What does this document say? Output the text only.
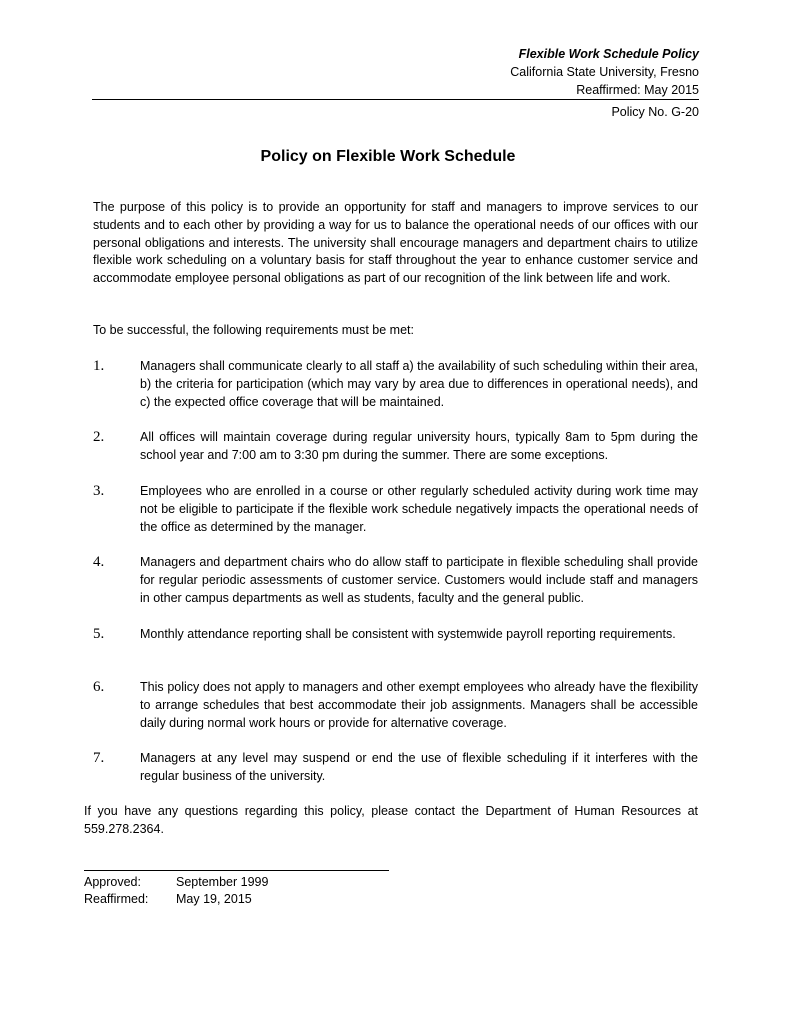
Flexible Work Schedule Policy
California State University, Fresno
Reaffirmed: May 2015
Policy No. G-20
Policy on Flexible Work Schedule

The purpose of this policy is to provide an opportunity for staff and managers to improve services to our students and to each other by providing a way for us to balance the operational needs of our offices with our personal obligations and interests. The university shall encourage managers and department chairs to utilize flexible work scheduling on a voluntary basis for staff throughout the year to enhance customer service and accommodate employee personal obligations as part of our recognition of the link between life and work.

To be successful, the following requirements must be met:

1.	Managers shall communicate clearly to all staff a) the availability of such scheduling within their area, b) the criteria for participation (which may vary by area due to differences in operational needs), and c) the expected office coverage that will be maintained.

2.	All offices will maintain coverage during regular university hours, typically 8am to 5pm during the school year and 7:00 am to 3:30 pm during the summer. There are some exceptions.

3.	Employees who are enrolled in a course or other regularly scheduled activity during work time may not be eligible to participate if the flexible work schedule negatively impacts the operational needs of the office as determined by the manager.

4.	Managers and department chairs who do allow staff to participate in flexible scheduling shall provide for regular periodic assessments of customer service. Customers would include staff and managers in other campus departments as well as students, faculty and the general public.

5.	Monthly attendance reporting shall be consistent with systemwide payroll reporting requirements.

6.	This policy does not apply to managers and other exempt employees who already have the flexibility to arrange schedules that best accommodate their job assignments. Managers shall be accessible daily during normal work hours or provide for alternative coverage.

7.	Managers at any level may suspend or end the use of flexible scheduling if it interferes with the regular business of the university.

If you have any questions regarding this policy, please contact the Department of Human Resources at 559.278.2364.

Approved:	September 1999
Reaffirmed: May 19, 2015
